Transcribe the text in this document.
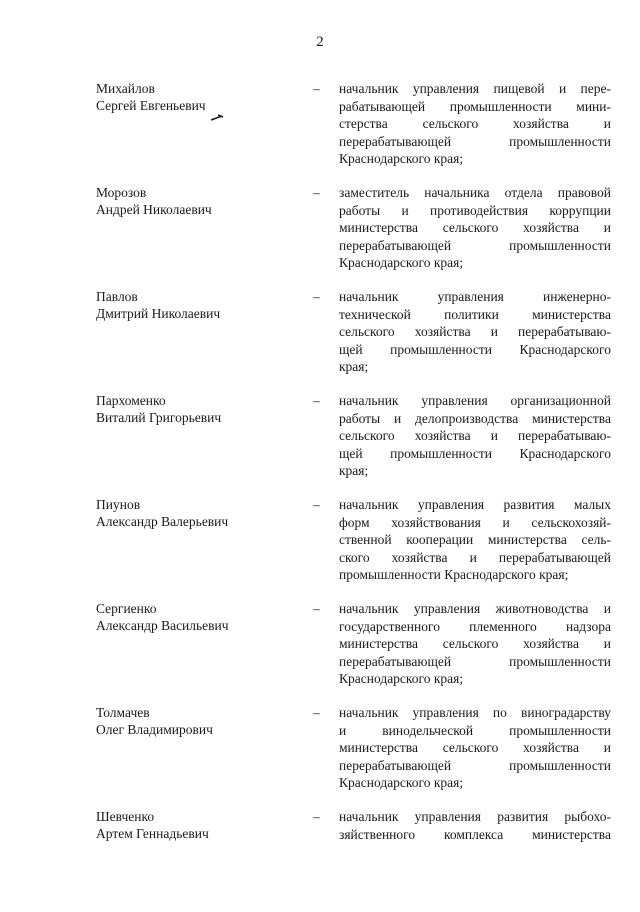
2
Михайлов
Сергей Евгеньевич
– начальник управления пищевой и пере-
рабатывающей промышленности мини-
стерства сельского хозяйства и
перерабатывающей промышленности
Краснодарского края;
Морозов
Андрей Николаевич
– заместитель начальника отдела правовой
работы и противодействия коррупции
министерства сельского хозяйства и
перерабатывающей промышленности
Краснодарского края;
Павлов
Дмитрий Николаевич
– начальник управления инженерно-
технической политики министерства
сельского хозяйства и перерабатываю-
щей промышленности Краснодарского
края;
Пархоменко
Виталий Григорьевич
– начальник управления организационной
работы и делопроизводства министерства
сельского хозяйства и перерабатываю-
щей промышленности Краснодарского
края;
Пиунов
Александр Валерьевич
– начальник управления развития малых
форм хозяйствования и сельскохозяй-
ственной кооперации министерства сель-
ского хозяйства и перерабатывающей
промышленности Краснодарского края;
Сергиенко
Александр Васильевич
– начальник управления животноводства и
государственного племенного надзора
министерства сельского хозяйства и
перерабатывающей промышленности
Краснодарского края;
Толмачев
Олег Владимирович
– начальник управления по виноградарству
и винодельческой промышленности
министерства сельского хозяйства и
перерабатывающей промышленности
Краснодарского края;
Шевченко
Артем Геннадьевич
– начальник управления развития рыбохо-
зяйственного комплекса министерства
